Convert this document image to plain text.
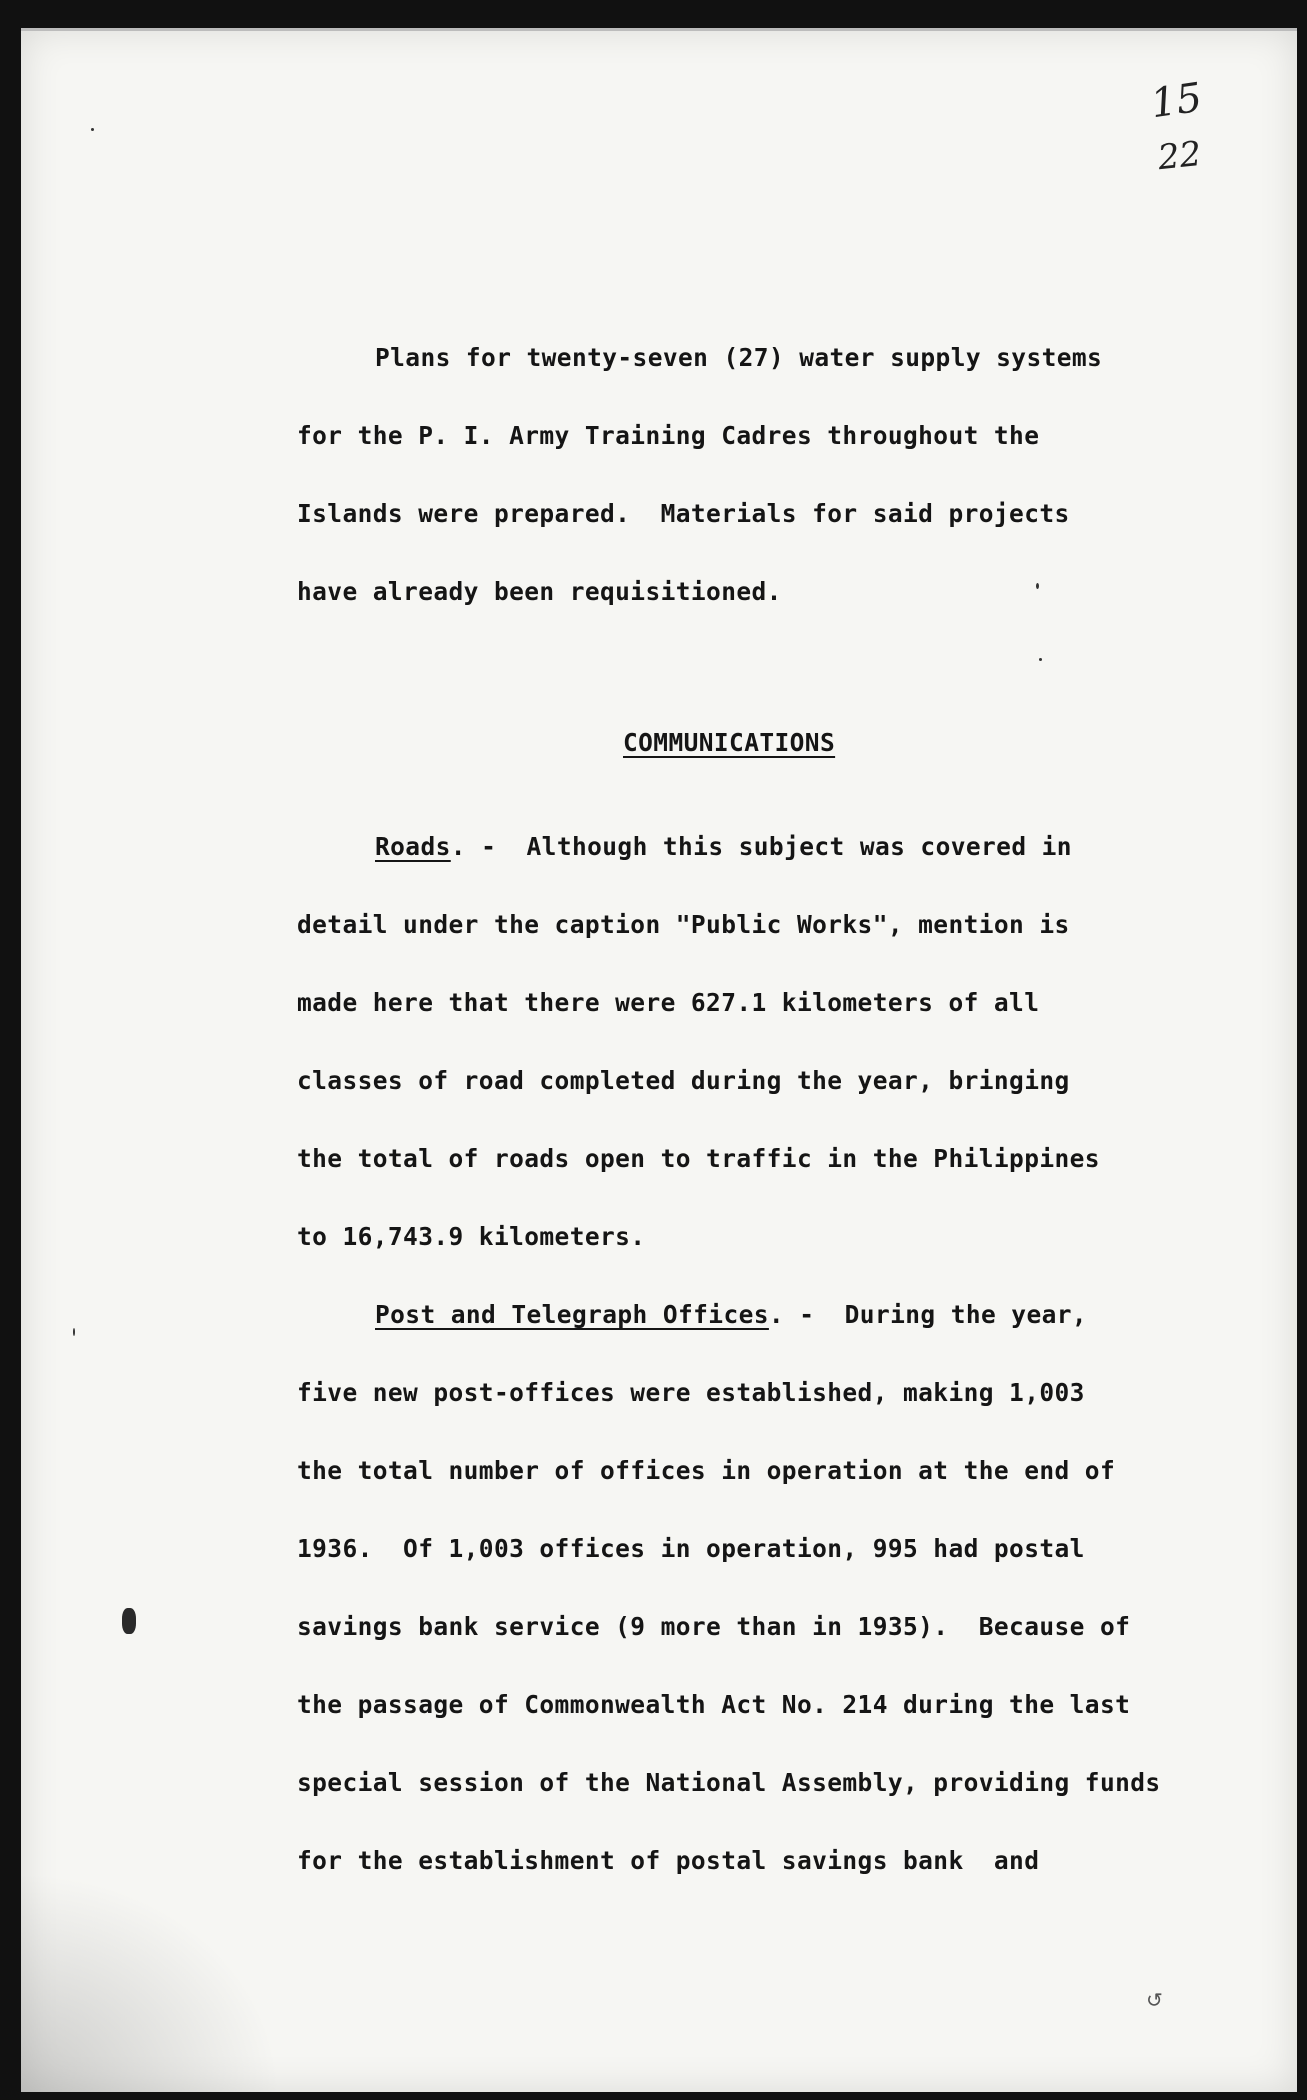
15
22
Plans for twenty-seven (27) water supply systems
for the P. I. Army Training Cadres throughout the
Islands were prepared.  Materials for said projects
have already been requisitioned.
COMMUNICATIONS
Roads. -  Although this subject was covered in
detail under the caption "Public Works", mention is
made here that there were 627.1 kilometers of all
classes of road completed during the year, bringing
the total of roads open to traffic in the Philippines
to 16,743.9 kilometers.
Post and Telegraph Offices. -  During the year,
five new post-offices were established, making 1,003
the total number of offices in operation at the end of
1936.  Of 1,003 offices in operation, 995 had postal
savings bank service (9 more than in 1935).  Because of
the passage of Commonwealth Act No. 214 during the last
special session of the National Assembly, providing funds
for the establishment of postal savings bank  and
↺
